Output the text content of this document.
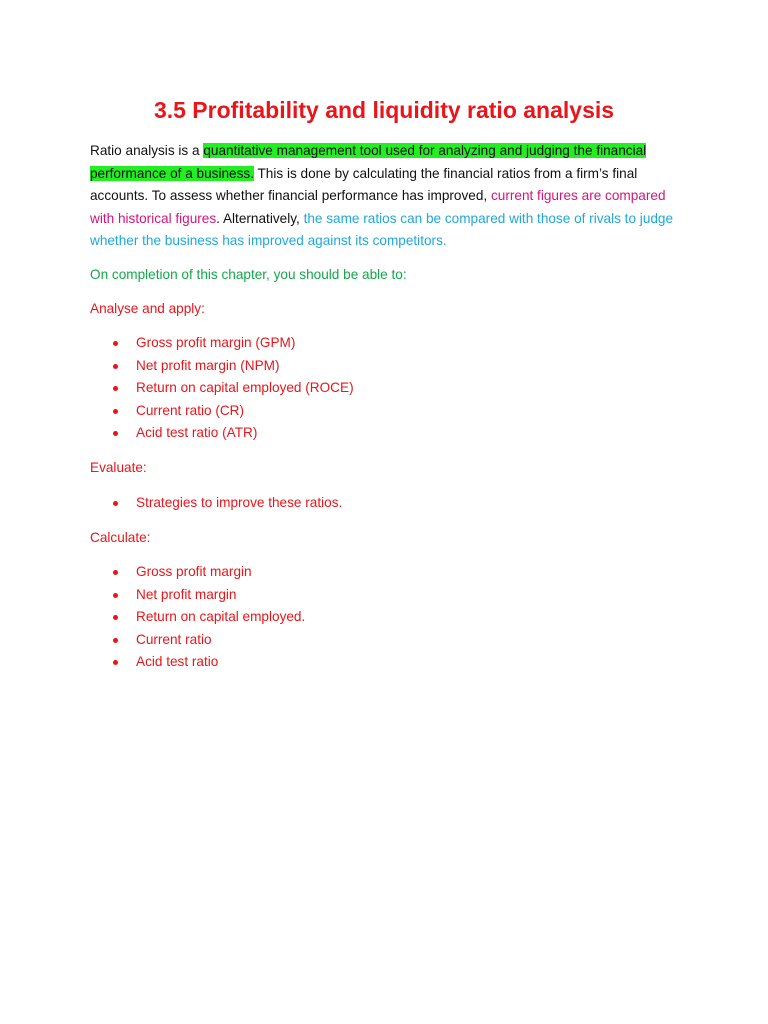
3.5 Profitability and liquidity ratio analysis

Ratio analysis is a quantitative management tool used for analyzing and judging the financial performance of a business. This is done by calculating the financial ratios from a firm’s final accounts. To assess whether financial performance has improved, current figures are compared with historical figures. Alternatively, the same ratios can be compared with those of rivals to judge whether the business has improved against its competitors.

On completion of this chapter, you should be able to:

Analyse and apply:

Gross profit margin (GPM)
Net profit margin (NPM)
Return on capital employed (ROCE)
Current ratio (CR)
Acid test ratio (ATR)

Evaluate:

Strategies to improve these ratios.

Calculate:

Gross profit margin
Net profit margin
Return on capital employed.
Current ratio
Acid test ratio
